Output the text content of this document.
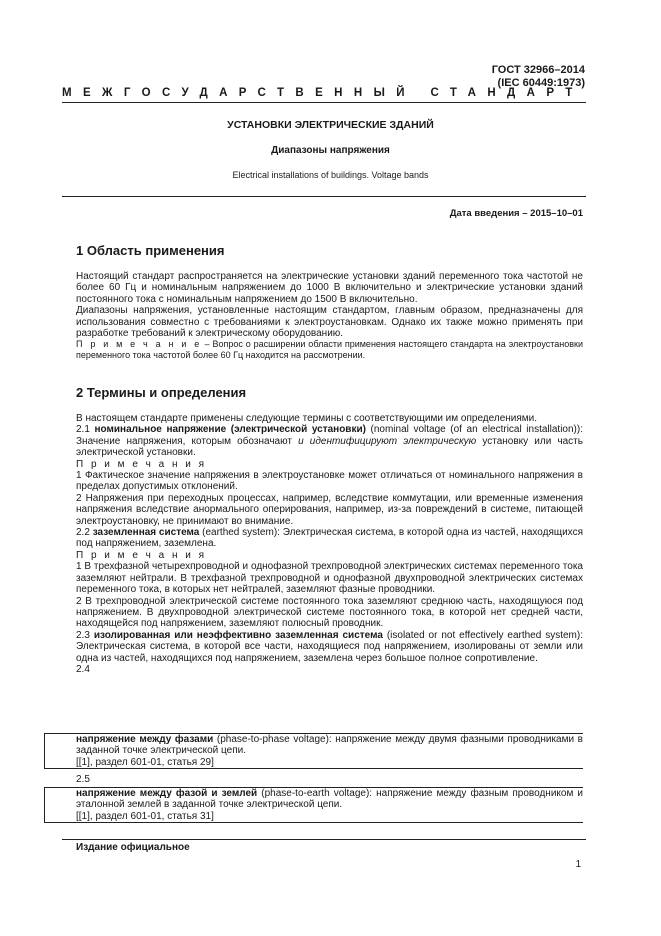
ГОСТ 32966–2014
(IEC 60449:1973)
МЕЖГОСУДАРСТВЕННЫЙ СТАНДАРТ
УСТАНОВКИ ЭЛЕКТРИЧЕСКИЕ ЗДАНИЙ
Диапазоны напряжения
Electrical installations of buildings. Voltage bands
Дата введения – 2015–10–01
1 Область применения

Настоящий стандарт распространяется на электрические установки зданий переменного тока частотой не более 60 Гц и номинальным напряжением до 1000 В включительно и электрические установки зданий постоянного тока с номинальным напряжением до 1500 В включительно.

Диапазоны напряжения, установленные настоящим стандартом, главным образом, предназначены для использования совместно с требованиями к электроустановкам. Однако их также можно применять при разработке требований к электрическому оборудованию.

П р и м е ч а н и е – Вопрос о расширении области применения настоящего стандарта на электроустановки переменного тока частотой более 60 Гц находится на рассмотрении.

2 Термины и определения

В настоящем стандарте применены следующие термины с соответствующими им определениями.

2.1 номинальное напряжение (электрической установки) (nominal voltage (of an electrical installation)): Значение напряжения, которым обозначают и идентифицируют электрическую установку или часть электрической установки.

П р и м е ч а н и я

1 Фактическое значение напряжения в электроустановке может отличаться от номинального напряжения в пределах допустимых отклонений.

2 Напряжения при переходных процессах, например, вследствие коммутации, или временные изменения напряжения вследствие анормального оперирования, например, из-за повреждений в системе, питающей электроустановку, не принимают во внимание.

2.2 заземленная система (earthed system): Электрическая система, в которой одна из частей, находящихся под напряжением, заземлена.

П р и м е ч а н и я

1 В трехфазной четырехпроводной и однофазной трехпроводной электрических системах переменного тока заземляют нейтрали. В трехфазной трехпроводной и однофазной двухпроводной электрических системах переменного тока, в которых нет нейтралей, заземляют фазные проводники.

2 В трехпроводной электрической системе постоянного тока заземляют среднюю часть, находящуюся под напряжением. В двухпроводной электрической системе постоянного тока, в которой нет средней части, находящейся под напряжением, заземляют полюсный проводник.

2.3 изолированная или неэффективно заземленная система (isolated or not effectively earthed system): Электрическая система, в которой все части, находящиеся под напряжением, изолированы от земли или одна из частей, находящихся под напряжением, заземлена через большое полное сопротивление.

2.4

напряжение между фазами (phase-to-phase voltage): напряжение между двумя фазными проводниками в заданной точке электрической цепи.
[[1], раздел 601-01, статья 29]
2.5
напряжение между фазой и землей (phase-to-earth voltage): напряжение между фазным проводником и эталонной землей в заданной точке электрической цепи.
[[1], раздел 601-01, статья 31]
Издание официальное
1
